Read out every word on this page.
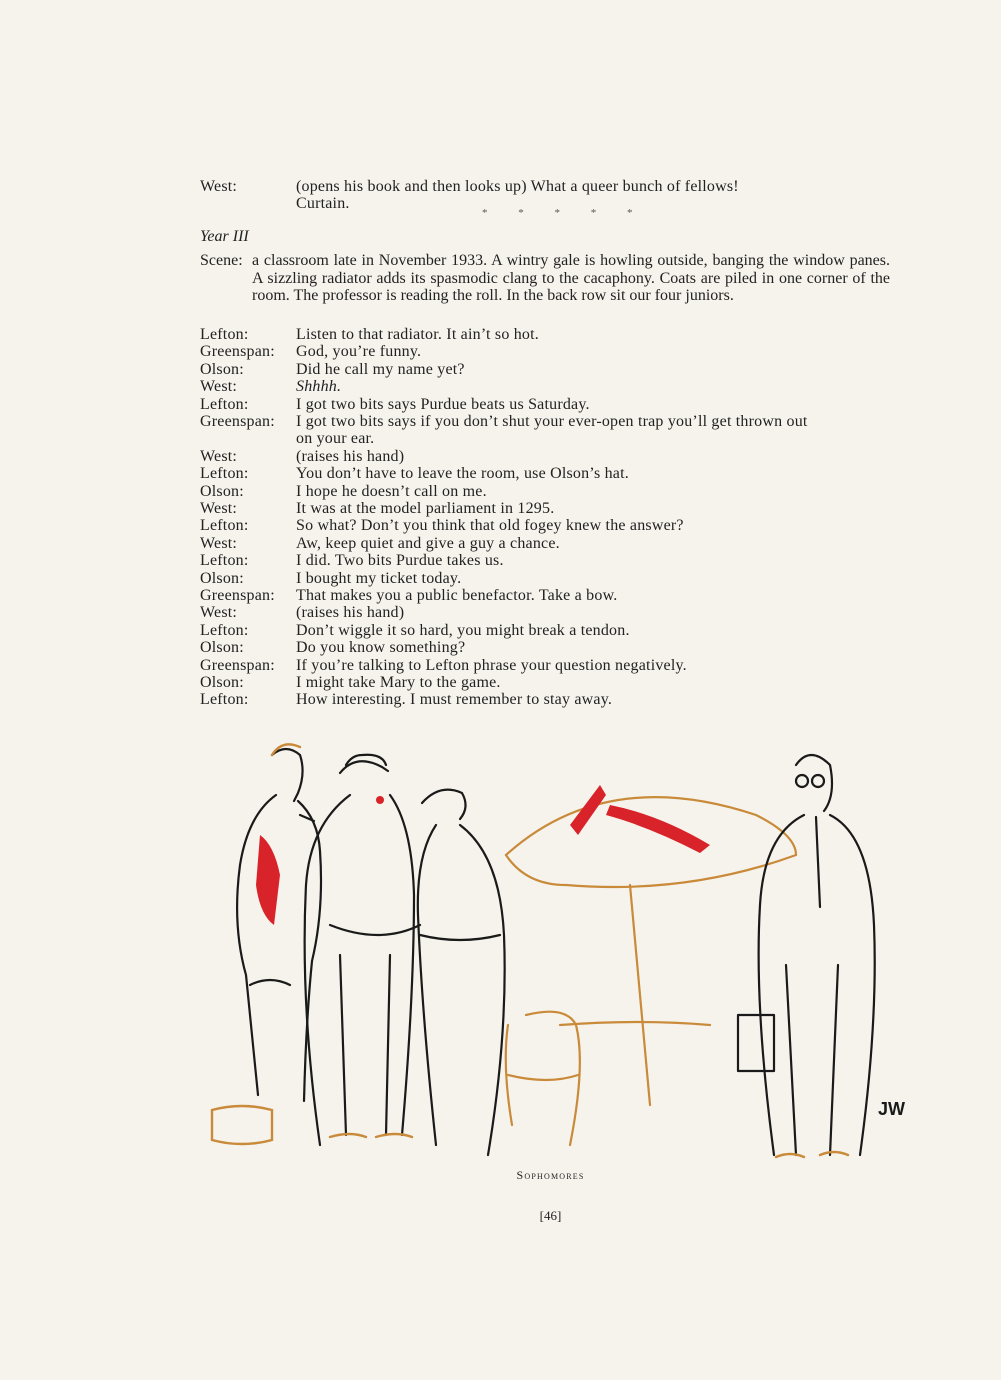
West:	(opens his book and then looks up) What a queer bunch of fellows!
Curtain.
* * * * *
Year III
Scene: a classroom late in November 1933. A wintry gale is howling outside, banging the window panes. A sizzling radiator adds its spasmodic clang to the cacaphony. Coats are piled in one corner of the room. The professor is reading the roll. In the back row sit our four juniors.
Lefton:	Listen to that radiator. It ain’t so hot.
Greenspan:	God, you’re funny.
Olson:	Did he call my name yet?
West:	Shhhh.
Lefton:	I got two bits says Purdue beats us Saturday.
Greenspan:	I got two bits says if you don’t shut your ever-open trap you’ll get thrown out
on your ear.
West:	(raises his hand)
Lefton:	You don’t have to leave the room, use Olson’s hat.
Olson:	I hope he doesn’t call on me.
West:	It was at the model parliament in 1295.
Lefton:	So what? Don’t you think that old fogey knew the answer?
West:	Aw, keep quiet and give a guy a chance.
Lefton:	I did. Two bits Purdue takes us.
Olson:	I bought my ticket today.
Greenspan:	That makes you a public benefactor. Take a bow.
West:	(raises his hand)
Lefton:	Don’t wiggle it so hard, you might break a tendon.
Olson:	Do you know something?
Greenspan:	If you’re talking to Lefton phrase your question negatively.
Olson:	I might take Mary to the game.
Lefton:	How interesting. I must remember to stay away.
JW
Sophomores
[46]
